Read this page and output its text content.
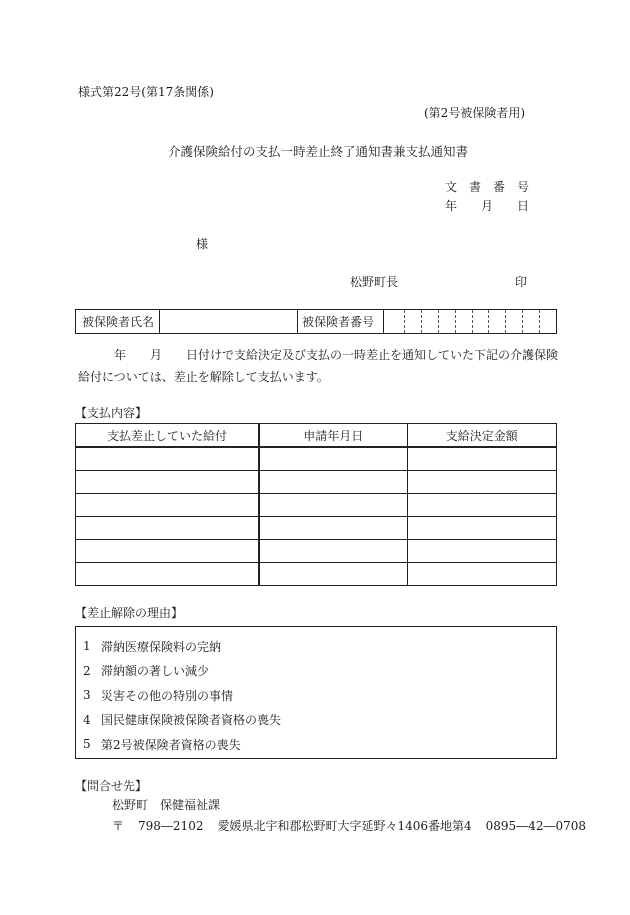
様式第22号(第17条関係)
(第2号被保険者用)
介護保険給付の支払一時差止終了通知書兼支払通知書
文　書　番　号
年　　月　　日
様
松野町長	印
被保険者氏名	被保険者番号
年　　月　　日付けで支給決定及び支払の一時差止を通知していた下記の介護保険
給付については、差止を解除して支払います。
【支払内容】
支払差止していた給付	申請年月日	支給決定金額

【差止解除の理由】
1 滞納医療保険料の完納
2 滞納額の著しい減少
3 災害その他の特別の事情
4 国民健康保険被保険者資格の喪失
5 第2号被保険者資格の喪失
【問合せ先】
松野町　保健福祉課
〒 798―2102 愛媛県北宇和郡松野町大字延野々1406番地第4 0895―42―0708
